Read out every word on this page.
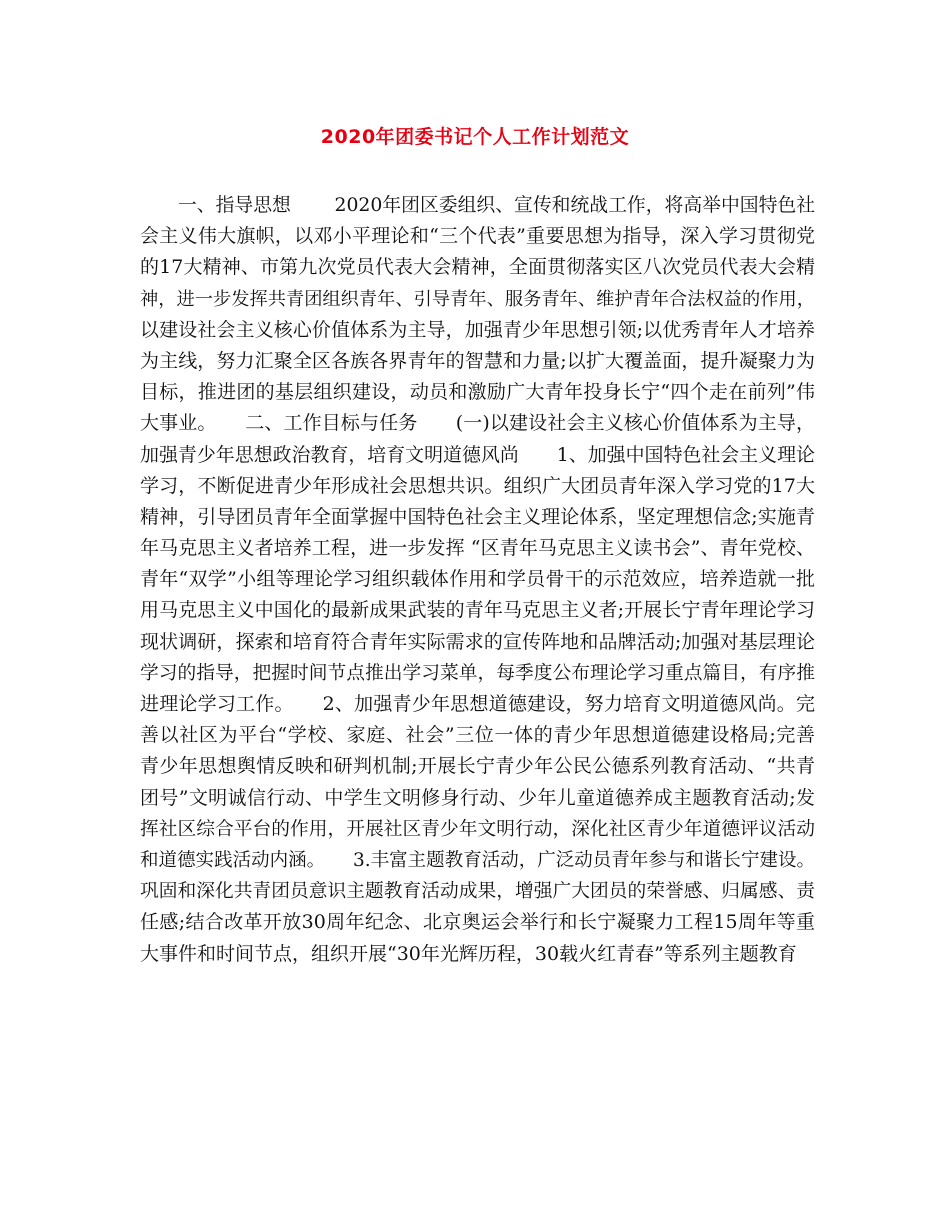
2020年团委书记个人工作计划范文
一、指导思想　　 2020年团区委组织、宣传和统战工作，将高举中国特色社
会主义伟大旗帜，以邓小平理论和“三个代表”重要思想为指导，深入学习贯彻党
的17大精神、市第九次党员代表大会精神，全面贯彻落实区八次党员代表大会精
神，进一步发挥共青团组织青年、引导青年、服务青年、维护青年合法权益的作用，
以建设社会主义核心价值体系为主导，加强青少年思想引领;以优秀青年人才培养
为主线，努力汇聚全区各族各界青年的智慧和力量;以扩大覆盖面，提升凝聚力为
目标，推进团的基层组织建设，动员和激励广大青年投身长宁“四个走在前列”伟
大事业。　　二、工作目标与任务　　(一)以建设社会主义核心价值体系为主导，
加强青少年思想政治教育，培育文明道德风尚　　1、加强中国特色社会主义理论
学习，不断促进青少年形成社会思想共识。组织广大团员青年深入学习党的17大
精神，引导团员青年全面掌握中国特色社会主义理论体系，坚定理想信念;实施青
年马克思主义者培养工程，进一步发挥 “区青年马克思主义读书会”、青年党校、
青年“双学”小组等理论学习组织载体作用和学员骨干的示范效应，培养造就一批
用马克思主义中国化的最新成果武装的青年马克思主义者;开展长宁青年理论学习
现状调研，探索和培育符合青年实际需求的宣传阵地和品牌活动;加强对基层理论
学习的指导，把握时间节点推出学习菜单，每季度公布理论学习重点篇目，有序推
进理论学习工作。　　2、加强青少年思想道德建设，努力培育文明道德风尚。完
善以社区为平台“学校、家庭、社会”三位一体的青少年思想道德建设格局;完善
青少年思想舆情反映和研判机制;开展长宁青少年公民公德系列教育活动、“共青
团号”文明诚信行动、中学生文明修身行动、少年儿童道德养成主题教育活动;发
挥社区综合平台的作用，开展社区青少年文明行动，深化社区青少年道德评议活动
和道德实践活动内涵。　　3.丰富主题教育活动，广泛动员青年参与和谐长宁建设。
巩固和深化共青团员意识主题教育活动成果，增强广大团员的荣誉感、归属感、责
任感;结合改革开放30周年纪念、北京奥运会举行和长宁凝聚力工程15周年等重
大事件和时间节点，组织开展“30年光辉历程，30载火红青春”等系列主题教育
